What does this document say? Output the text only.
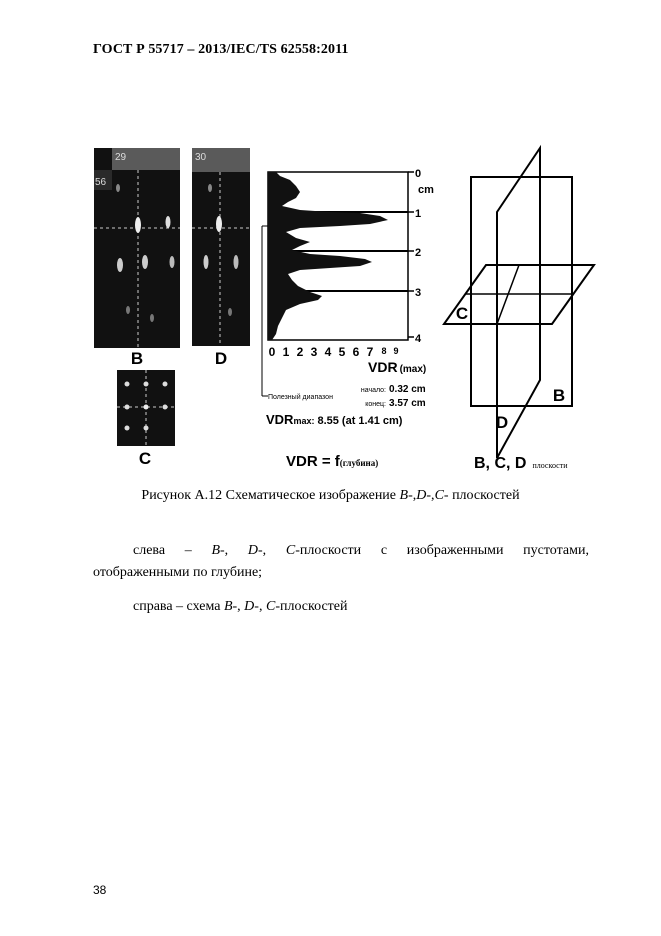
ГОСТ Р 55717 – 2013/IEC/TS 62558:2011
29
56
B
30
D
C
0
cm
1
2
3
4
0 1 2 3 4 5 6 7 8 9
VDR (max)
Полезный диапазон
начало: 0.32 cm
конец: 3.57 cm
VDRmax: 8.55 (at 1.41 cm)
VDR = f(глубина)
C
B
D
B, C, D плоскости
Рисунок А.12 Схематическое изображение B-,D-,C- плоскостей
слева – B-, D-, C-плоскости с изображенными пустотами,
отображенными по глубине;
справа – схема B-, D-, C-плоскостей
38
